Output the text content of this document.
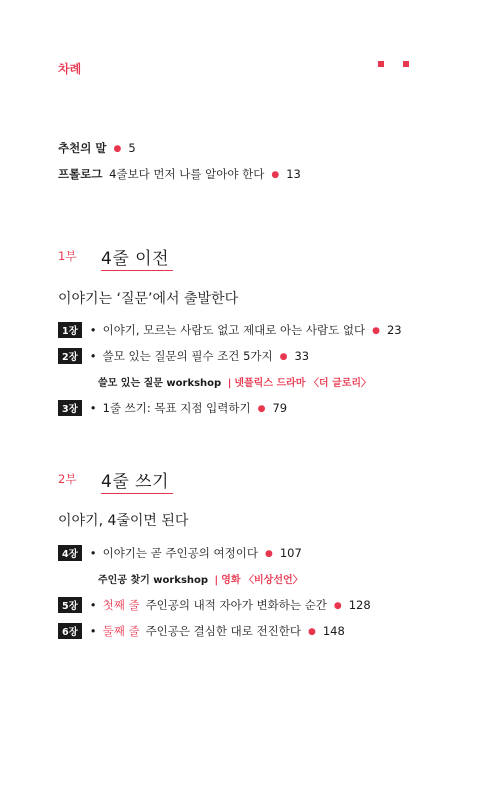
차례
추천의 말 ● 5
프롤로그 4줄보다 먼저 나를 알아야 한다 ● 13
1부 4줄 이전
이야기는 ‘질문’에서 출발한다
1장 • 이야기, 모르는 사람도 없고 제대로 아는 사람도 없다 ● 23
2장 • 쓸모 있는 질문의 필수 조건 5가지 ● 33
쓸모 있는 질문 workshop | 넷플릭스 드라마 〈더 글로리〉
3장 • 1줄 쓰기: 목표 지점 입력하기 ● 79
2부 4줄 쓰기
이야기, 4줄이면 된다
4장 • 이야기는 곧 주인공의 여정이다 ● 107
주인공 찾기 workshop | 영화 〈비상선언〉
5장 • 첫째 줄 주인공의 내적 자아가 변화하는 순간 ● 128
6장 • 둘째 줄 주인공은 결심한 대로 전진한다 ● 148
